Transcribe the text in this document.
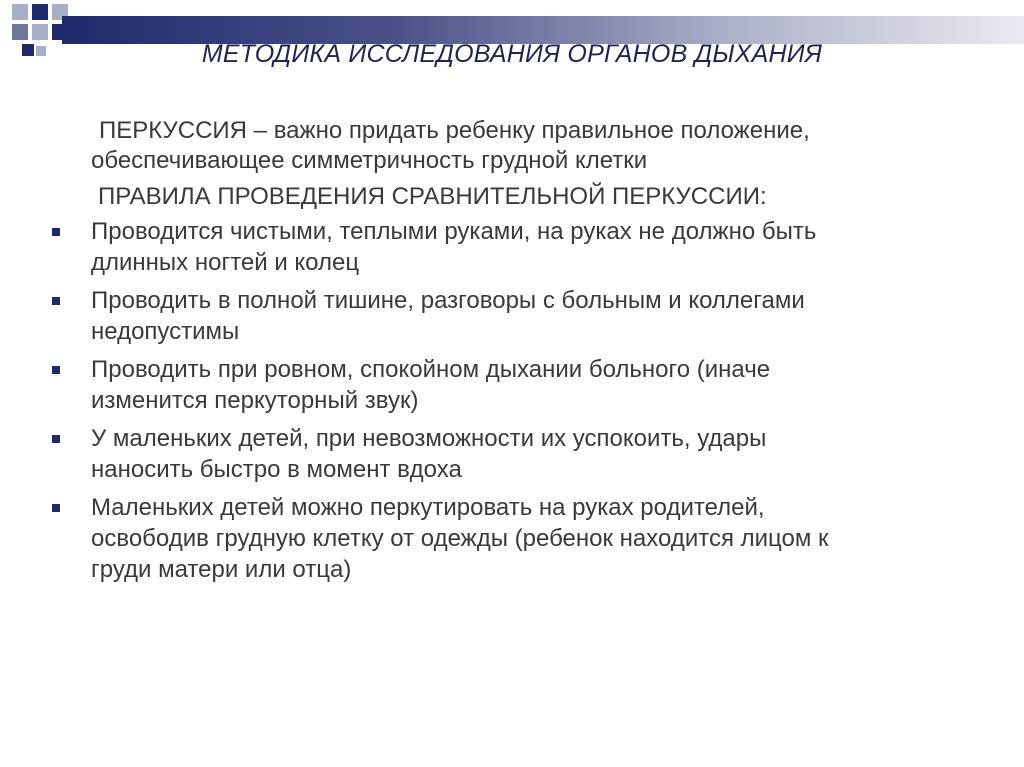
МЕТОДИКА ИССЛЕДОВАНИЯ ОРГАНОВ ДЫХАНИЯ
ПЕРКУССИЯ – важно придать ребенку правильное положение,
обеспечивающее симметричность грудной клетки
ПРАВИЛА ПРОВЕДЕНИЯ СРАВНИТЕЛЬНОЙ ПЕРКУССИИ:
Проводится чистыми, теплыми руками, на руках не должно быть
длинных ногтей и колец
Проводить в полной тишине, разговоры с больным и коллегами
недопустимы
Проводить при ровном, спокойном дыхании больного (иначе
изменится перкуторный звук)
У маленьких детей, при невозможности их успокоить, удары
наносить быстро в момент вдоха
Маленьких детей можно перкутировать на руках родителей,
освободив грудную клетку от одежды (ребенок находится лицом к
груди матери или отца)
